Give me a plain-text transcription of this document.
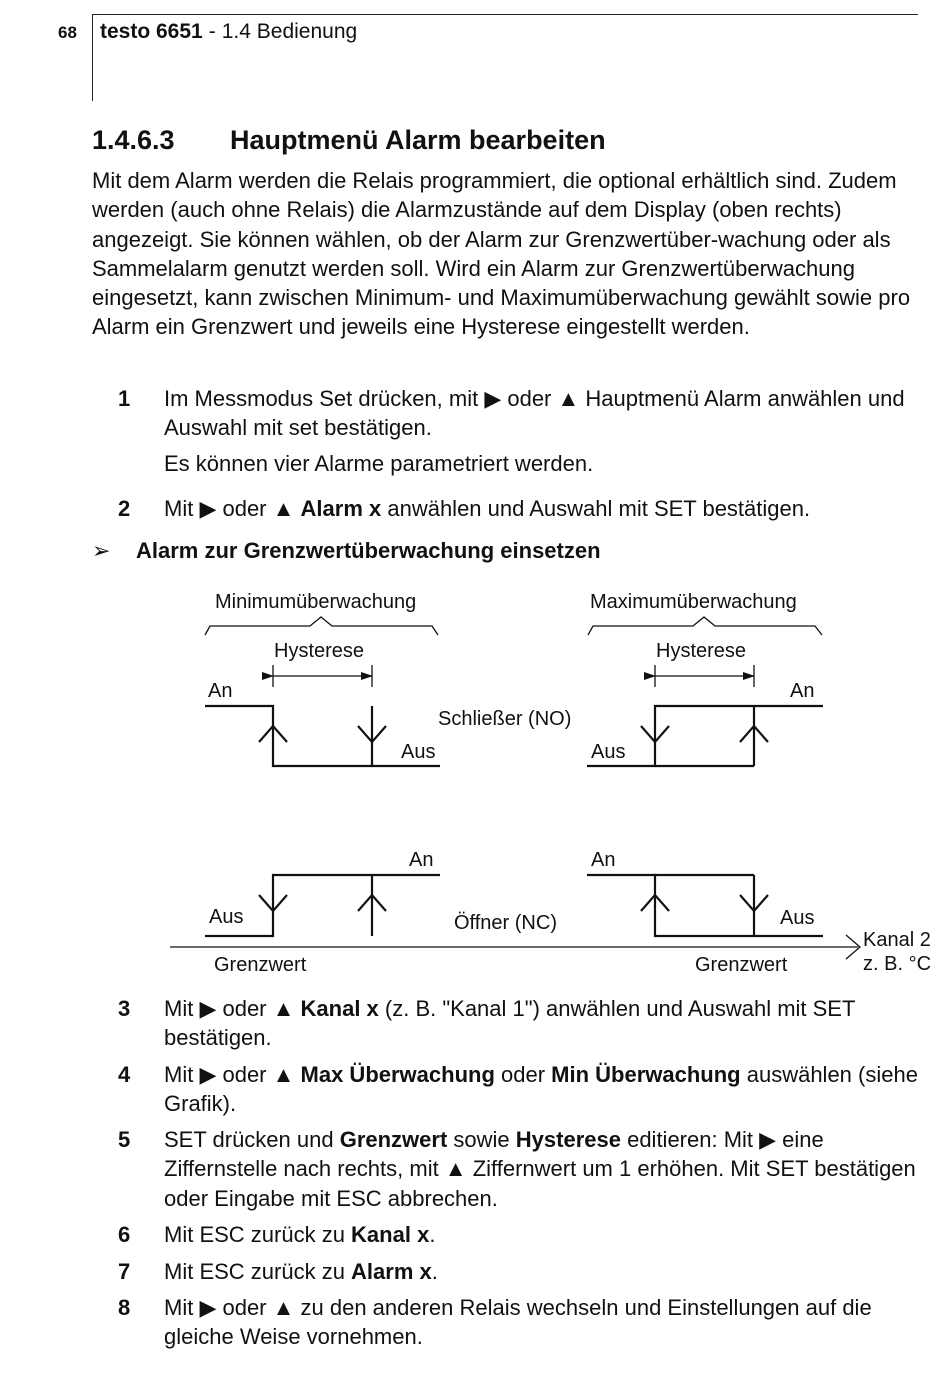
68 testo 6651 - 1.4 Bedienung
1.4.6.3 Hauptmenü Alarm bearbeiten
Mit dem Alarm werden die Relais programmiert, die optional erhältlich sind. Zudem werden (auch ohne Relais) die Alarmzustände auf dem Display (oben rechts) angezeigt. Sie können wählen, ob der Alarm zur Grenzwertüber-wachung oder als Sammelalarm genutzt werden soll. Wird ein Alarm zur Grenzwertüberwachung eingesetzt, kann zwischen Minimum- und Maximumüberwachung gewählt sowie pro Alarm ein Grenzwert und jeweils eine Hysterese eingestellt werden.
1 Im Messmodus Set drücken, mit ▶ oder ▲ Hauptmenü Alarm anwählen und Auswahl mit set bestätigen.
2 Mit ▶ oder ▲ Alarm x anwählen und Auswahl mit SET bestätigen.
Es können vier Alarme parametriert werden.
➢ Alarm zur Grenzwertüberwachung einsetzen
Minimumüberwachung	Maximumüberwachung
Hysterese	Hysterese
An
Aus
Schließer (NO)
An
Aus
An
Aus	Öffner (NC)
An
Aus
Kanal 2
z. B. °C
Grenzwert	Grenzwert
3 Mit ▶ oder ▲ Kanal x (z. B. "Kanal 1") anwählen und Auswahl mit SET bestätigen.
4 Mit ▶ oder ▲ Max Überwachung oder Min Überwachung auswählen (siehe Grafik).
5 SET drücken und Grenzwert sowie Hysterese editieren: Mit ▶ eine Ziffernstelle nach rechts, mit ▲ Ziffernwert um 1 erhöhen. Mit SET bestätigen oder Eingabe mit ESC abbrechen.
6 Mit ESC zurück zu Kanal x.
7 Mit ESC zurück zu Alarm x.
8 Mit ▶ oder ▲ zu den anderen Relais wechseln und Einstellungen auf die gleiche Weise vornehmen.
